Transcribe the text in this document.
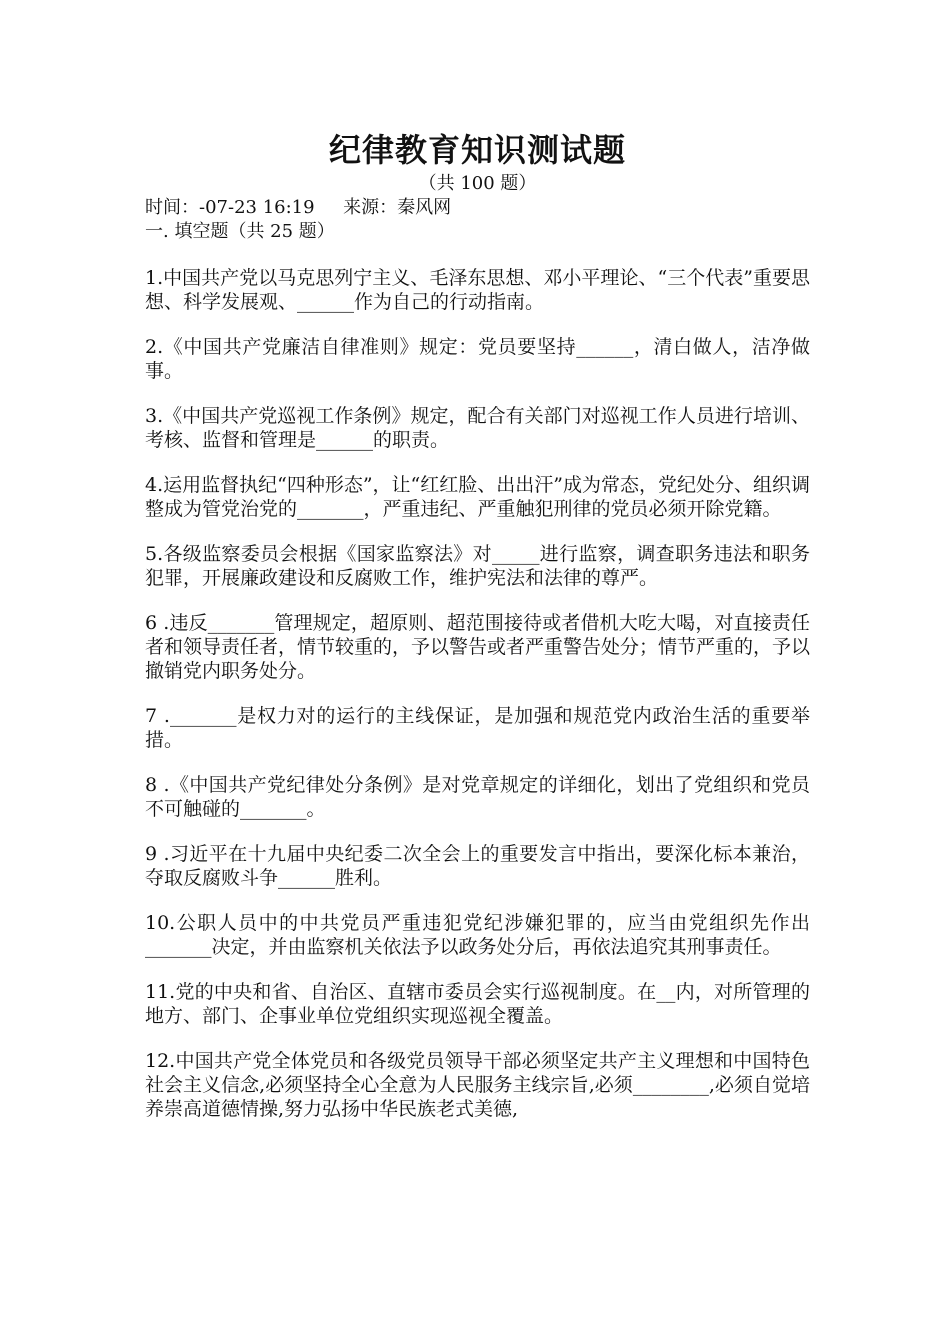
纪律教育知识测试题

（共 100 题）

时间：-07-23 16:19     来源：秦风网

一. 填空题（共 25 题）

1.中国共产党以马克思列宁主义、毛泽东思想、邓小平理论、“三个代表”重要思想、科学发展观、______作为自己的行动指南。

2.《中国共产党廉洁自律准则》规定：党员要坚持______，清白做人，洁净做事。

3.《中国共产党巡视工作条例》规定，配合有关部门对巡视工作人员进行培训、考核、监督和管理是______的职责。

4.运用监督执纪“四种形态”，让“红红脸、出出汗”成为常态，党纪处分、组织调整成为管党治党的_______，严重违纪、严重触犯刑律的党员必须开除党籍。

5.各级监察委员会根据《国家监察法》对_____进行监察，调查职务违法和职务犯罪，开展廉政建设和反腐败工作，维护宪法和法律的尊严。

6 .违反_______管理规定，超原则、超范围接待或者借机大吃大喝，对直接责任者和领导责任者，情节较重的，予以警告或者严重警告处分；情节严重的，予以撤销党内职务处分。

7 ._______是权力对的运行的主线保证，是加强和规范党内政治生活的重要举措。

8 .《中国共产党纪律处分条例》是对党章规定的详细化，划出了党组织和党员不可触碰的_______。

9 .习近平在十九届中央纪委二次全会上的重要发言中指出，要深化标本兼治，夺取反腐败斗争______胜利。

10.公职人员中的中共党员严重违犯党纪涉嫌犯罪的，应当由党组织先作出_______决定，并由监察机关依法予以政务处分后，再依法追究其刑事责任。

11.党的中央和省、自治区、直辖市委员会实行巡视制度。在__内，对所管理的地方、部门、企事业单位党组织实现巡视全覆盖。

12.中国共产党全体党员和各级党员领导干部必须坚定共产主义理想和中国特色社会主义信念,必须坚持全心全意为人民服务主线宗旨,必须________,必须自觉培养崇高道德情操,努力弘扬中华民族老式美德,
